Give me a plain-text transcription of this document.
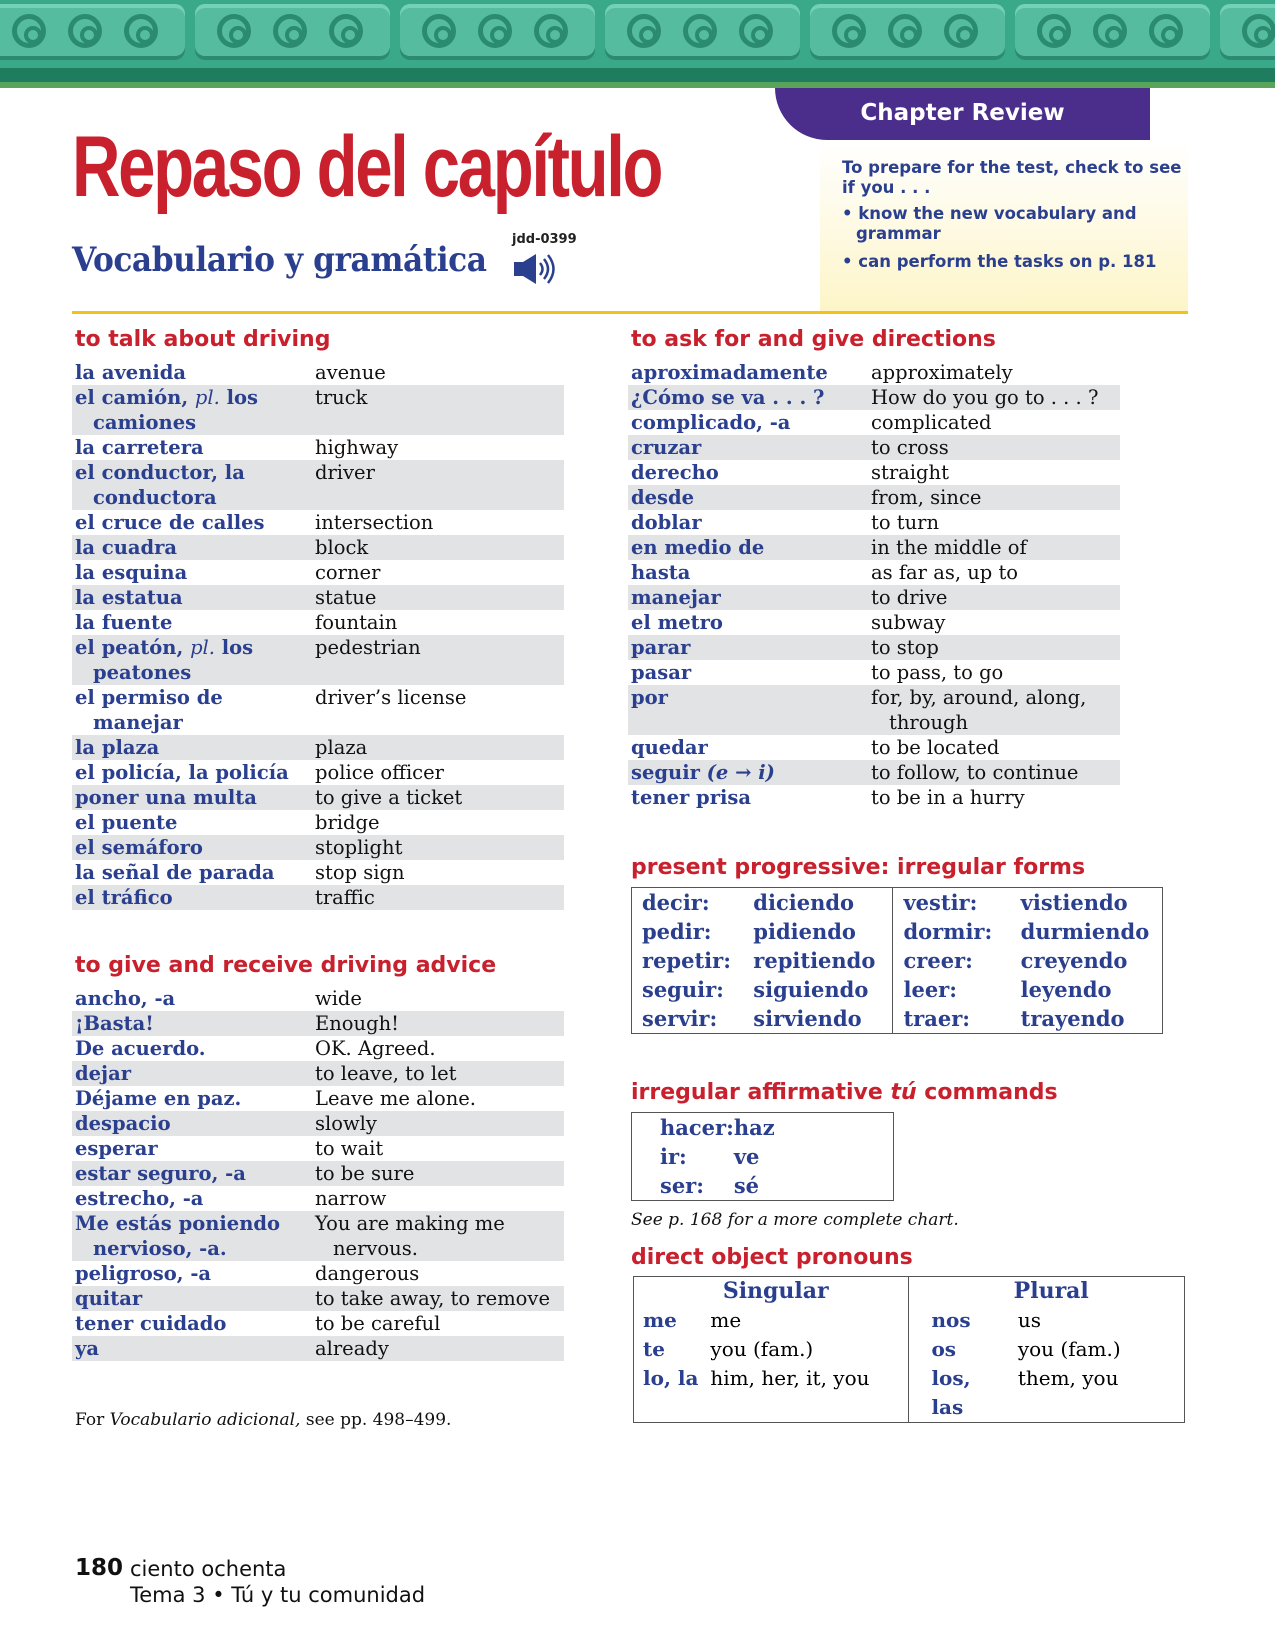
Chapter Review
To prepare for the test, check to see if you . . .
• know the new vocabulary and grammar
• can perform the tasks on p. 181
Repaso del capítulo
Vocabulario y gramática
jdd-0399
to talk about driving
la avenida	avenue

el camión, pl. los camiones	truck

la carretera	highway

el conductor, la conductora	driver

el cruce de calles	intersection

la cuadra	block

la esquina	corner

la estatua	statue

la fuente	fountain

el peatón, pl. los peatones	pedestrian

el permiso de manejar	driver’s license

la plaza	plaza

el policía, la policía	police officer

poner una multa	to give a ticket

el puente	bridge

el semáforo	stoplight

la señal de parada	stop sign

el tráfico	traffic
to give and receive driving advice
ancho, -a	wide

¡Basta!	Enough!

De acuerdo.	OK. Agreed.

dejar	to leave, to let

Déjame en paz.	Leave me alone.

despacio	slowly

esperar	to wait

estar seguro, -a	to be sure

estrecho, -a	narrow

Me estás poniendo nervioso, -a.	You are making me nervous.

peligroso, -a	dangerous

quitar	to take away, to remove

tener cuidado	to be careful

ya	already
to ask for and give directions
aproximadamente	approximately

¿Cómo se va . . . ?	How do you go to . . . ?

complicado, -a	complicated

cruzar	to cross

derecho	straight

desde	from, since

doblar	to turn

en medio de	in the middle of

hasta	as far as, up to

manejar	to drive

el metro	subway

parar	to stop

pasar	to pass, to go

por	for, by, around, along, through

quedar	to be located

seguir (e → i)	to follow, to continue

tener prisa	to be in a hurry
present progressive: irregular forms
decir:	diciendo	vestir:	vistiendo
pedir:	pidiendo	dormir:	durmiendo
repetir:	repitiendo	creer:	creyendo
seguir:	siguiendo	leer:	leyendo
servir:	sirviendo	traer:	trayendo
irregular affirmative tú commands
hacer:	haz
ir:	ve
ser:	sé
See p. 168 for a more complete chart.
direct object pronouns
Singular		Plural	
me	me	nos	us
te	you (fam.)	os	you (fam.)
lo, la	him, her, it, you	los, las	them, you
For Vocabulario adicional, see pp. 498–499.
180 ciento ochenta
Tema 3 • Tú y tu comunidad
